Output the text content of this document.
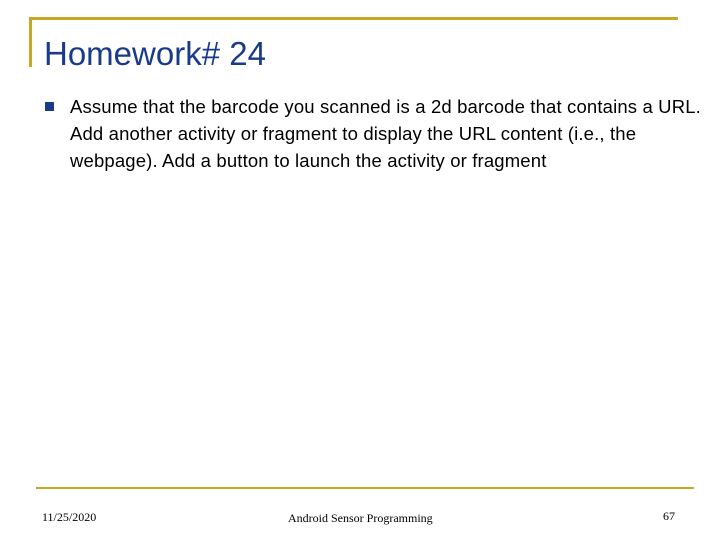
Homework# 24
Assume that the barcode you scanned is a 2d barcode that contains a URL. Add another activity or fragment to display the URL content (i.e., the webpage). Add a button to launch the activity or fragment
11/25/2020	Android Sensor Programming	67
